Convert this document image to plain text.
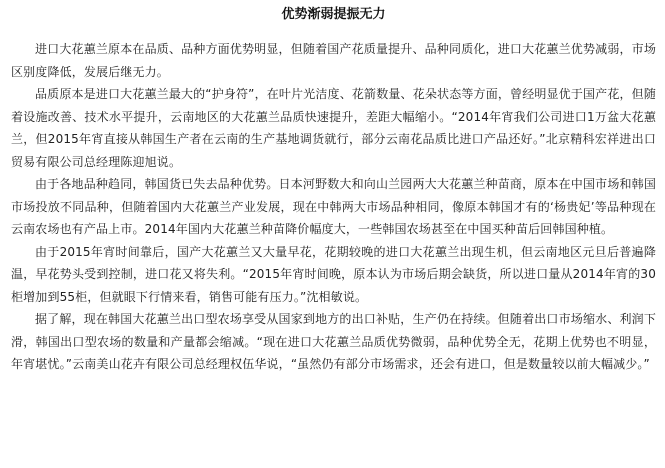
优势渐弱提振无力

进口大花蕙兰原本在品质、品种方面优势明显，但随着国产花质量提升、品种同质化，进口大花蕙兰优势减弱，市场区别度降低，发展后继无力。

品质原本是进口大花蕙兰最大的“护身符”，在叶片光洁度、花箭数量、花朵状态等方面，曾经明显优于国产花，但随着设施改善、技术水平提升，云南地区的大花蕙兰品质快速提升，差距大幅缩小。“2014年宵我们公司进口1万盆大花蕙兰，但2015年宵直接从韩国生产者在云南的生产基地调货就行，部分云南花品质比进口产品还好。”北京精科宏祥进出口贸易有限公司总经理陈迎旭说。

由于各地品种趋同，韩国货已失去品种优势。日本河野数大和向山兰园两大大花蕙兰种苗商，原本在中国市场和韩国市场投放不同品种，但随着国内大花蕙兰产业发展，现在中韩两大市场品种相同，像原本韩国才有的‘杨贵妃’等品种现在云南农场也有产品上市。2014年国内大花蕙兰种苗降价幅度大，一些韩国农场甚至在中国买种苗后回韩国种植。

由于2015年宵时间靠后，国产大花蕙兰又大量早花，花期较晚的进口大花蕙兰出现生机，但云南地区元旦后普遍降温，早花势头受到控制，进口花又将失利。“2015年宵时间晚，原本认为市场后期会缺货，所以进口量从2014年宵的30柜增加到55柜，但就眼下行情来看，销售可能有压力。”沈相敏说。

据了解，现在韩国大花蕙兰出口型农场享受从国家到地方的出口补贴，生产仍在持续。但随着出口市场缩水、利润下滑，韩国出口型农场的数量和产量都会缩减。“现在进口大花蕙兰品质优势微弱，品种优势全无，花期上优势也不明显，年宵堪忧。”云南美山花卉有限公司总经理权伍华说，“虽然仍有部分市场需求，还会有进口，但是数量较以前大幅减少。”
